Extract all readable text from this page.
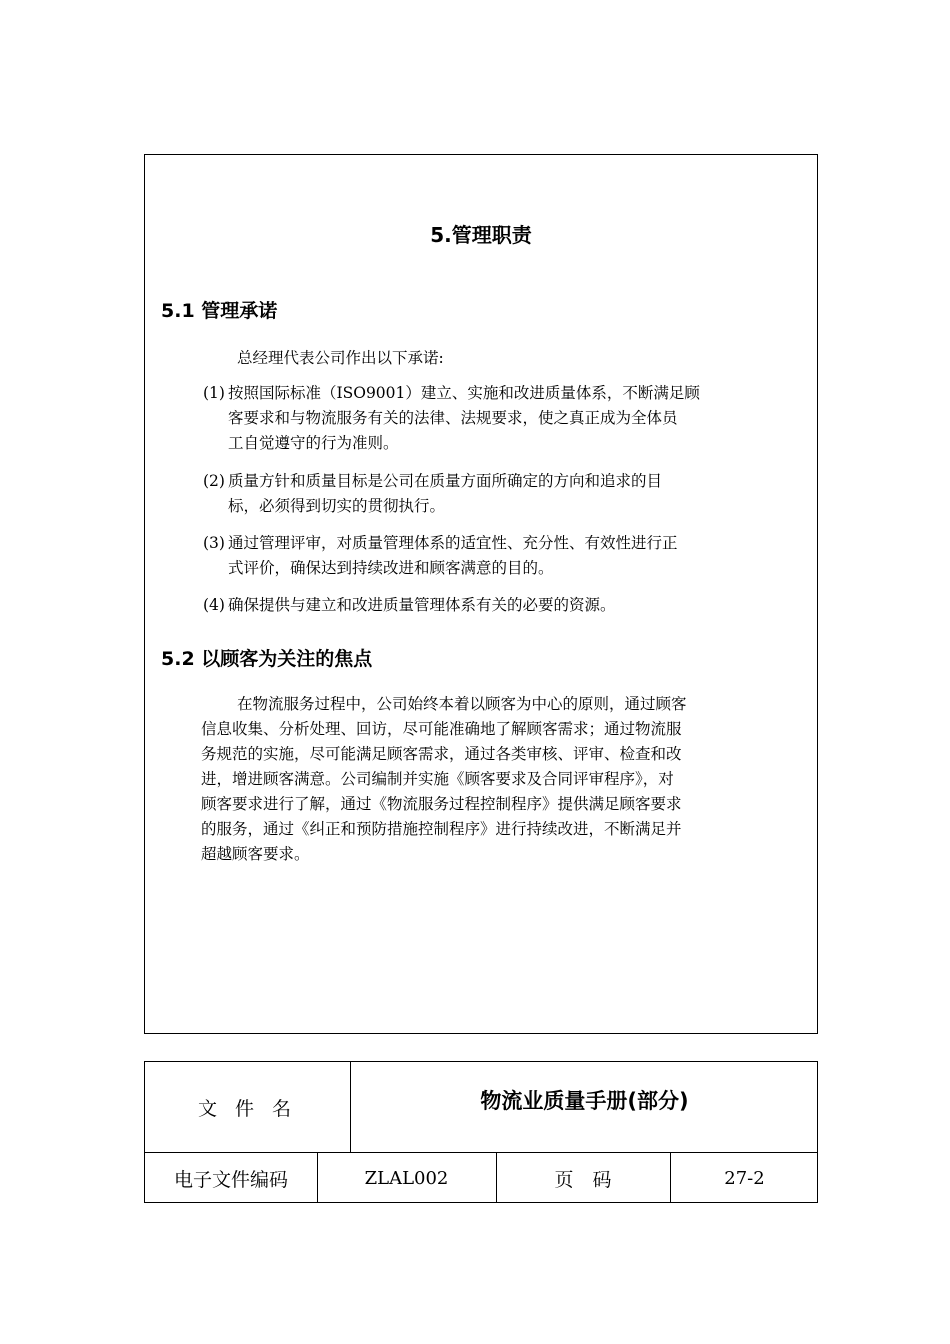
5.管理职责
5.1 管理承诺
总经理代表公司作出以下承诺:
(1) 按照国际标准（ISO9001）建立、实施和改进质量体系，不断满足顾
客要求和与物流服务有关的法律、法规要求，使之真正成为全体员
工自觉遵守的行为准则。
(2) 质量方针和质量目标是公司在质量方面所确定的方向和追求的目
标，必须得到切实的贯彻执行。
(3) 通过管理评审，对质量管理体系的适宜性、充分性、有效性进行正
式评价，确保达到持续改进和顾客满意的目的。
(4) 确保提供与建立和改进质量管理体系有关的必要的资源。
5.2 以顾客为关注的焦点
在物流服务过程中，公司始终本着以顾客为中心的原则，通过顾客
信息收集、分析处理、回访，尽可能准确地了解顾客需求；通过物流服
务规范的实施，尽可能满足顾客需求，通过各类审核、评审、检查和改
进，增进顾客满意。公司编制并实施《顾客要求及合同评审程序》，对
顾客要求进行了解，通过《物流服务过程控制程序》提供满足顾客要求
的服务，通过《纠正和预防措施控制程序》进行持续改进，不断满足并
超越顾客要求。
文 件 名	物流业质量手册(部分)
电子文件编码	ZLAL002	页　码	27-2
